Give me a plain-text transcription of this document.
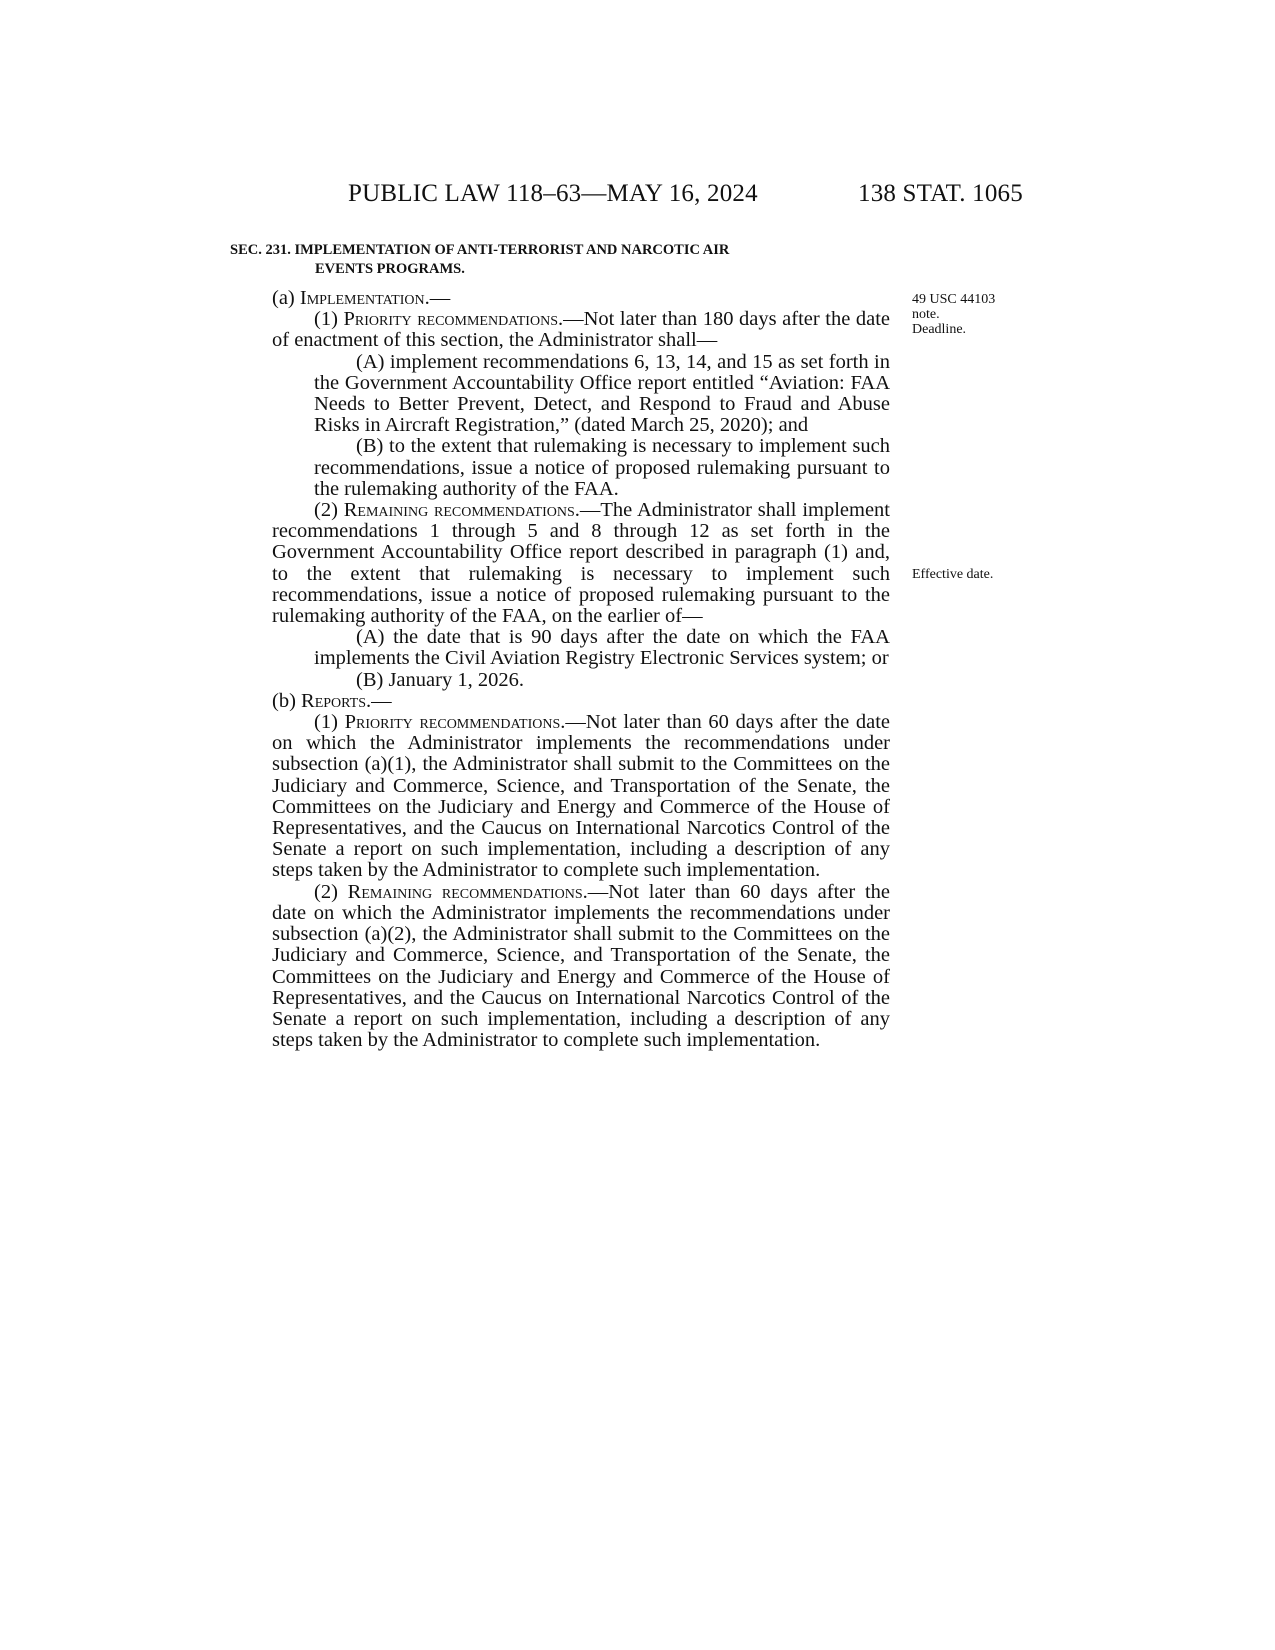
PUBLIC LAW 118–63—MAY 16, 2024	138 STAT. 1065
SEC. 231. IMPLEMENTATION OF ANTI-TERRORIST AND NARCOTIC AIR
EVENTS PROGRAMS.
49 USC 44103
note.
Deadline.
Effective date.

(a) Implementation.—

(1) Priority recommendations.—Not later than 180 days after the date of enactment of this section, the Administrator shall—

(A) implement recommendations 6, 13, 14, and 15 as set forth in the Government Accountability Office report entitled “Aviation: FAA Needs to Better Prevent, Detect, and Respond to Fraud and Abuse Risks in Aircraft Registration,” (dated March 25, 2020); and

(B) to the extent that rulemaking is necessary to implement such recommendations, issue a notice of proposed rulemaking pursuant to the rulemaking authority of the FAA.

(2) Remaining recommendations.—The Administrator shall implement recommendations 1 through 5 and 8 through 12 as set forth in the Government Accountability Office report described in paragraph (1) and, to the extent that rulemaking is necessary to implement such recommendations, issue a notice of proposed rulemaking pursuant to the rulemaking authority of the FAA, on the earlier of—

(A) the date that is 90 days after the date on which the FAA implements the Civil Aviation Registry Electronic Services system; or

(B) January 1, 2026.

(b) Reports.—

(1) Priority recommendations.—Not later than 60 days after the date on which the Administrator implements the recommendations under subsection (a)(1), the Administrator shall submit to the Committees on the Judiciary and Commerce, Science, and Transportation of the Senate, the Committees on the Judiciary and Energy and Commerce of the House of Representatives, and the Caucus on International Narcotics Control of the Senate a report on such implementation, including a description of any steps taken by the Administrator to complete such implementation.

(2) Remaining recommendations.—Not later than 60 days after the date on which the Administrator implements the recommendations under subsection (a)(2), the Administrator shall submit to the Committees on the Judiciary and Commerce, Science, and Transportation of the Senate, the Committees on the Judiciary and Energy and Commerce of the House of Representatives, and the Caucus on International Narcotics Control of the Senate a report on such implementation, including a description of any steps taken by the Administrator to complete such implementation.
